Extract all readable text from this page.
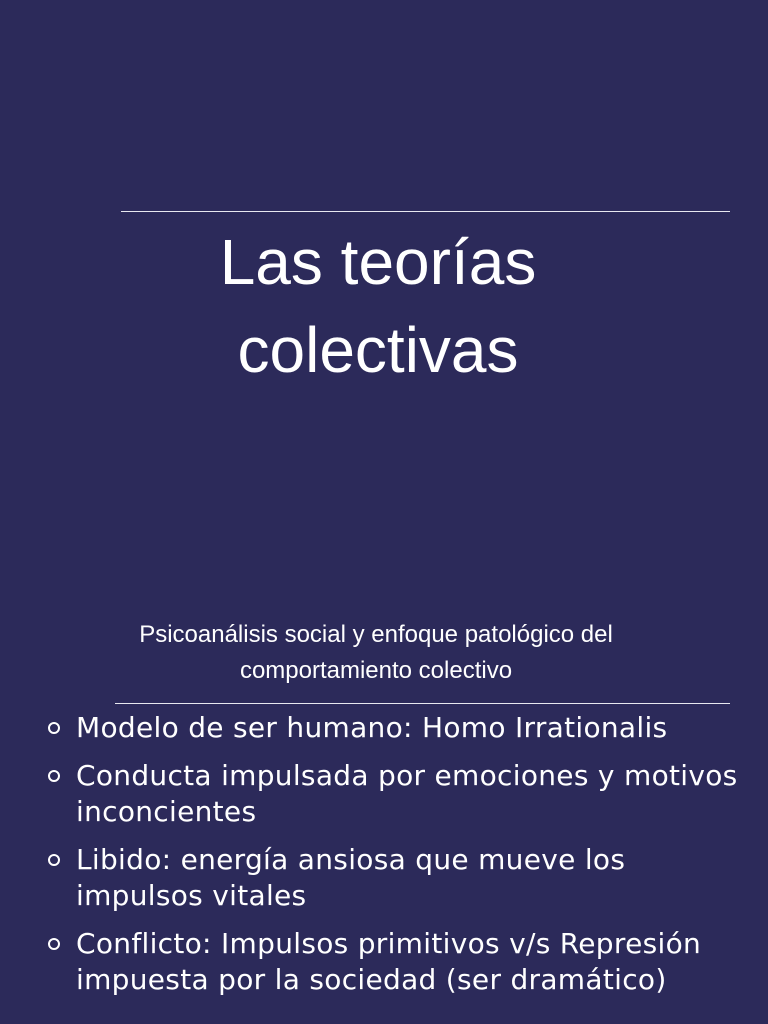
Las teorías
colectivas

Psicoanálisis social y enfoque patológico del
comportamiento colectivo

Modelo de ser humano: Homo Irrationalis
Conducta impulsada por emociones y motivos inconcientes
Libido: energía ansiosa que mueve los impulsos vitales
Conflicto: Impulsos primitivos v/s Represión impuesta por la sociedad (ser dramático)
